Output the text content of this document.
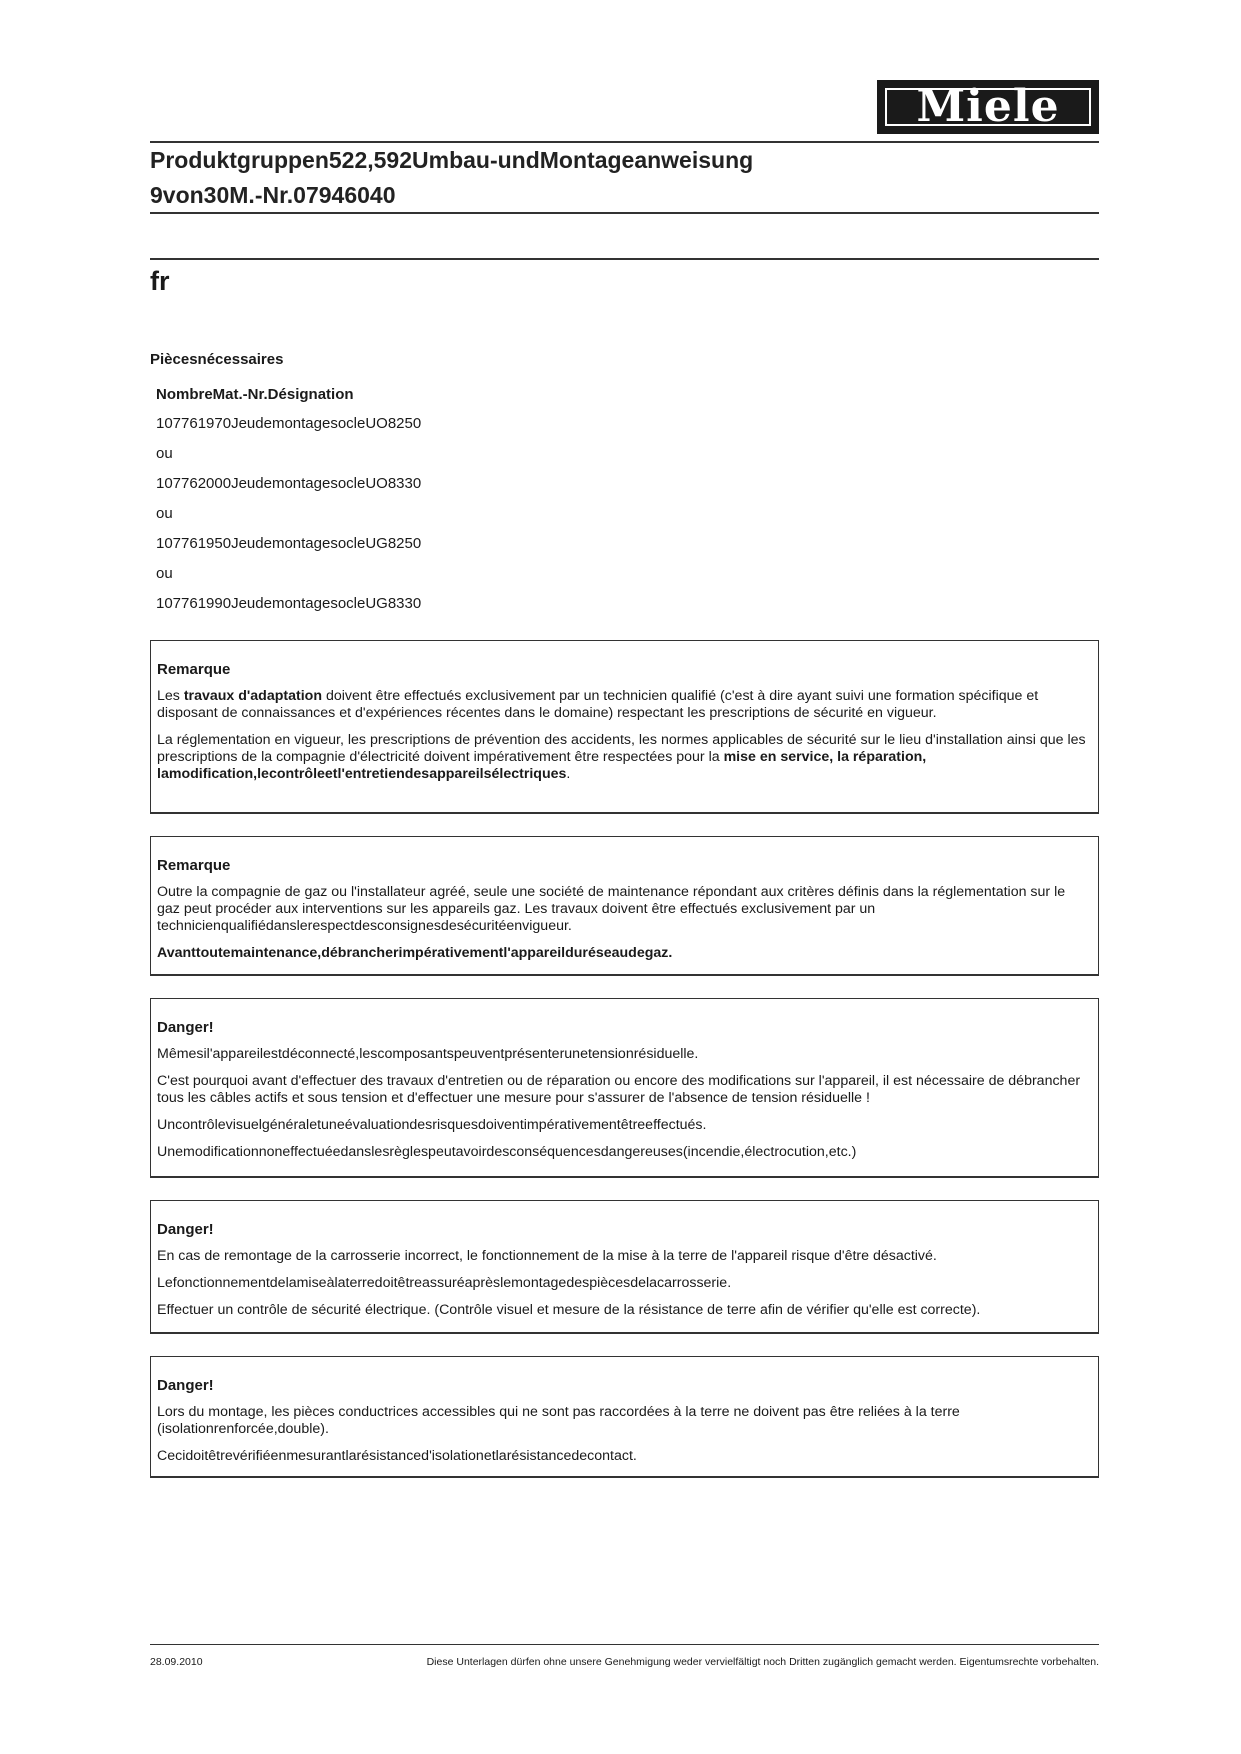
Miele
Produktgruppen522,592Umbau-undMontageanweisung
9von30M.-Nr.07946040
fr
Piècesnécessaires
NombreMat.-Nr.Désignation
107761970JeudemontagesocleUO8250
ou
107762000JeudemontagesocleUO8330
ou
107761950JeudemontagesocleUG8250
ou
107761990JeudemontagesocleUG8330
Remarque

Les travaux d'adaptation doivent être effectués exclusivement par un technicien qualifié (c'est à dire ayant suivi une formation spécifique et disposant de connaissances et d'expériences récentes dans le domaine) respectant les prescriptions de sécurité en vigueur.

La réglementation en vigueur, les prescriptions de prévention des accidents, les normes applicables de sécurité sur le lieu d'installation ainsi que les prescriptions de la compagnie d'électricité doivent impérativement être respectées pour la mise en service, la réparation, lamodification,lecontrôleetl'entretiendesappareilsélectriques.

Remarque

Outre la compagnie de gaz ou l'installateur agréé, seule une société de maintenance répondant aux critères définis dans la réglementation sur le gaz peut procéder aux interventions sur les appareils gaz. Les travaux doivent être effectués exclusivement par un technicienqualifiédanslerespectdesconsignesdesécuritéenvigueur.

Avanttoutemaintenance,débrancherimpérativementl'appareilduréseaudegaz.

Danger!

Mêmesil'appareilestdéconnecté,lescomposantspeuventprésenterunetensionrésiduelle.

C'est pourquoi avant d'effectuer des travaux d'entretien ou de réparation ou encore des modifications sur l'appareil, il est nécessaire de débrancher tous les câbles actifs et sous tension et d'effectuer une mesure pour s'assurer de l'absence de tension résiduelle !

Uncontrôlevisuelgénéraletuneévaluationdesrisquesdoiventimpérativementêtreeffectués.

Unemodificationnoneffectuéedanslesrèglespeutavoirdesconséquencesdangereuses(incendie,électrocution,etc.)

Danger!

En cas de remontage de la carrosserie incorrect, le fonctionnement de la mise à la terre de l'appareil risque d'être désactivé.

Lefonctionnementdelamiseàlaterredoitêtreassuréaprèslemontagedespiècesdelacarrosserie.

Effectuer un contrôle de sécurité électrique. (Contrôle visuel et mesure de la résistance de terre afin de vérifier qu'elle est correcte).

Danger!

Lors du montage, les pièces conductrices accessibles qui ne sont pas raccordées à la terre ne doivent pas être reliées à la terre (isolationrenforcée,double).

Cecidoitêtrevérifiéenmesurantlarésistanced'isolationetlarésistancedecontact.

28.09.2010	Diese Unterlagen dürfen ohne unsere Genehmigung weder vervielfältigt noch Dritten zugänglich gemacht werden. Eigentumsrechte vorbehalten.
